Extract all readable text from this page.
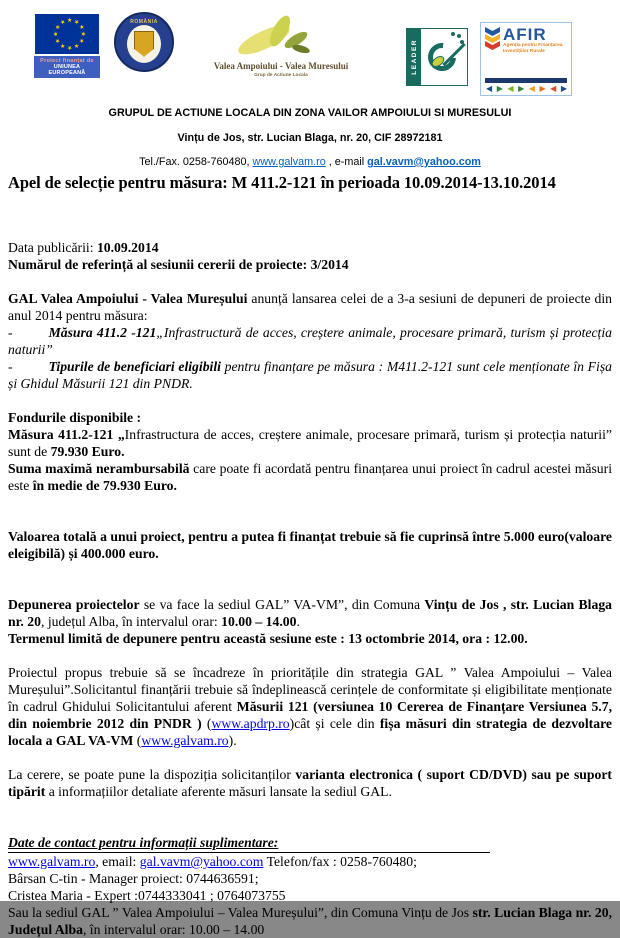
★
★
★
★
★
★
★
★
Proiect finanțat de
UNIUNEA EUROPEANĂ
ROMÂNIA
Valea Ampoiului - Valea Muresului
Grup de Actiune Locala
LEADER
AFIR
Agenția pentru Finanțarea
Investițiilor Rurale
◀ ▶ ◀ ▶ ◀ ▶ ◀ ▶
GRUPUL DE ACTIUNE LOCALA DIN ZONA VAILOR AMPOIULUI SI MURESULUI
Vințu de Jos, str. Lucian Blaga, nr. 20, CIF 28972181
Tel./Fax. 0258-760480, www.galvam.ro , e-mail gal.vavm@yahoo.com
Apel de selecție pentru măsura: M 411.2-121 în perioada 10.09.2014-13.10.2014

Data publicării: 10.09.2014

Numărul de referință al sesiunii cererii de proiecte: 3/2014

GAL Valea Ampoiului - Valea Mureșului anunță lansarea celei de a 3-a sesiuni de depuneri de proiecte din anul 2014 pentru măsura:

-	Măsura 411.2 -121„Infrastructură de acces, creștere animale, procesare primară, turism și protecția naturii”

-	Tipurile de beneficiari eligibili pentru finanțare pe măsura : M411.2-121 sunt cele menționate în Fișa și Ghidul Măsurii 121 din PNDR.

Fondurile disponibile :

Măsura 411.2-121 „Infrastructura de acces, creștere animale, procesare primară, turism și protecția naturii” sunt de 79.930 Euro.

Suma maximă nerambursabilă care poate fi acordată pentru finanțarea unui proiect în cadrul acestei măsuri este în medie de 79.930 Euro.

Valoarea totală a unui proiect, pentru a putea fi finanțat trebuie să fie cuprinsă între 5.000 euro(valoare eleigibilă) și 400.000 euro.

Depunerea proiectelor se va face la sediul GAL” VA-VM”, din Comuna Vințu de Jos , str. Lucian Blaga nr. 20, județul Alba, în intervalul orar: 10.00 – 14.00.

Termenul limită de depunere pentru această sesiune este : 13 octombrie 2014, ora : 12.00.

Proiectul propus trebuie să se încadreze în prioritățile din strategia GAL ” Valea Ampoiului – Valea Mureșului”.Solicitantul finanțării trebuie să îndeplinească cerințele de conformitate și eligibilitate menționate în cadrul Ghidului Solicitantului aferent Măsurii 121 (versiunea 10 Cererea de Finanțare Versiunea 5.7, din noiembrie 2012 din PNDR ) (www.apdrp.ro)cât și cele din fișa măsuri din strategia de dezvoltare locala a GAL VA-VM (www.galvam.ro).

La cerere, se poate pune la dispoziția solicitanților varianta electronica ( suport CD/DVD) sau pe suport tipărit a informațiilor detaliate aferente măsuri lansate la sediul GAL.

Date de contact pentru informații suplimentare:

www.galvam.ro, email: gal.vavm@yahoo.com Telefon/fax : 0258-760480;

Bârsan C-tin - Manager proiect: 0744636591;

Cristea Maria - Expert :0744333041 ; 0764073755

Sau la sediul GAL ” Valea Ampoiului – Valea Mureșului”, din Comuna Vințu de Jos str. Lucian Blaga nr. 20, Județul Alba, în intervalul orar: 10.00 – 14.00
